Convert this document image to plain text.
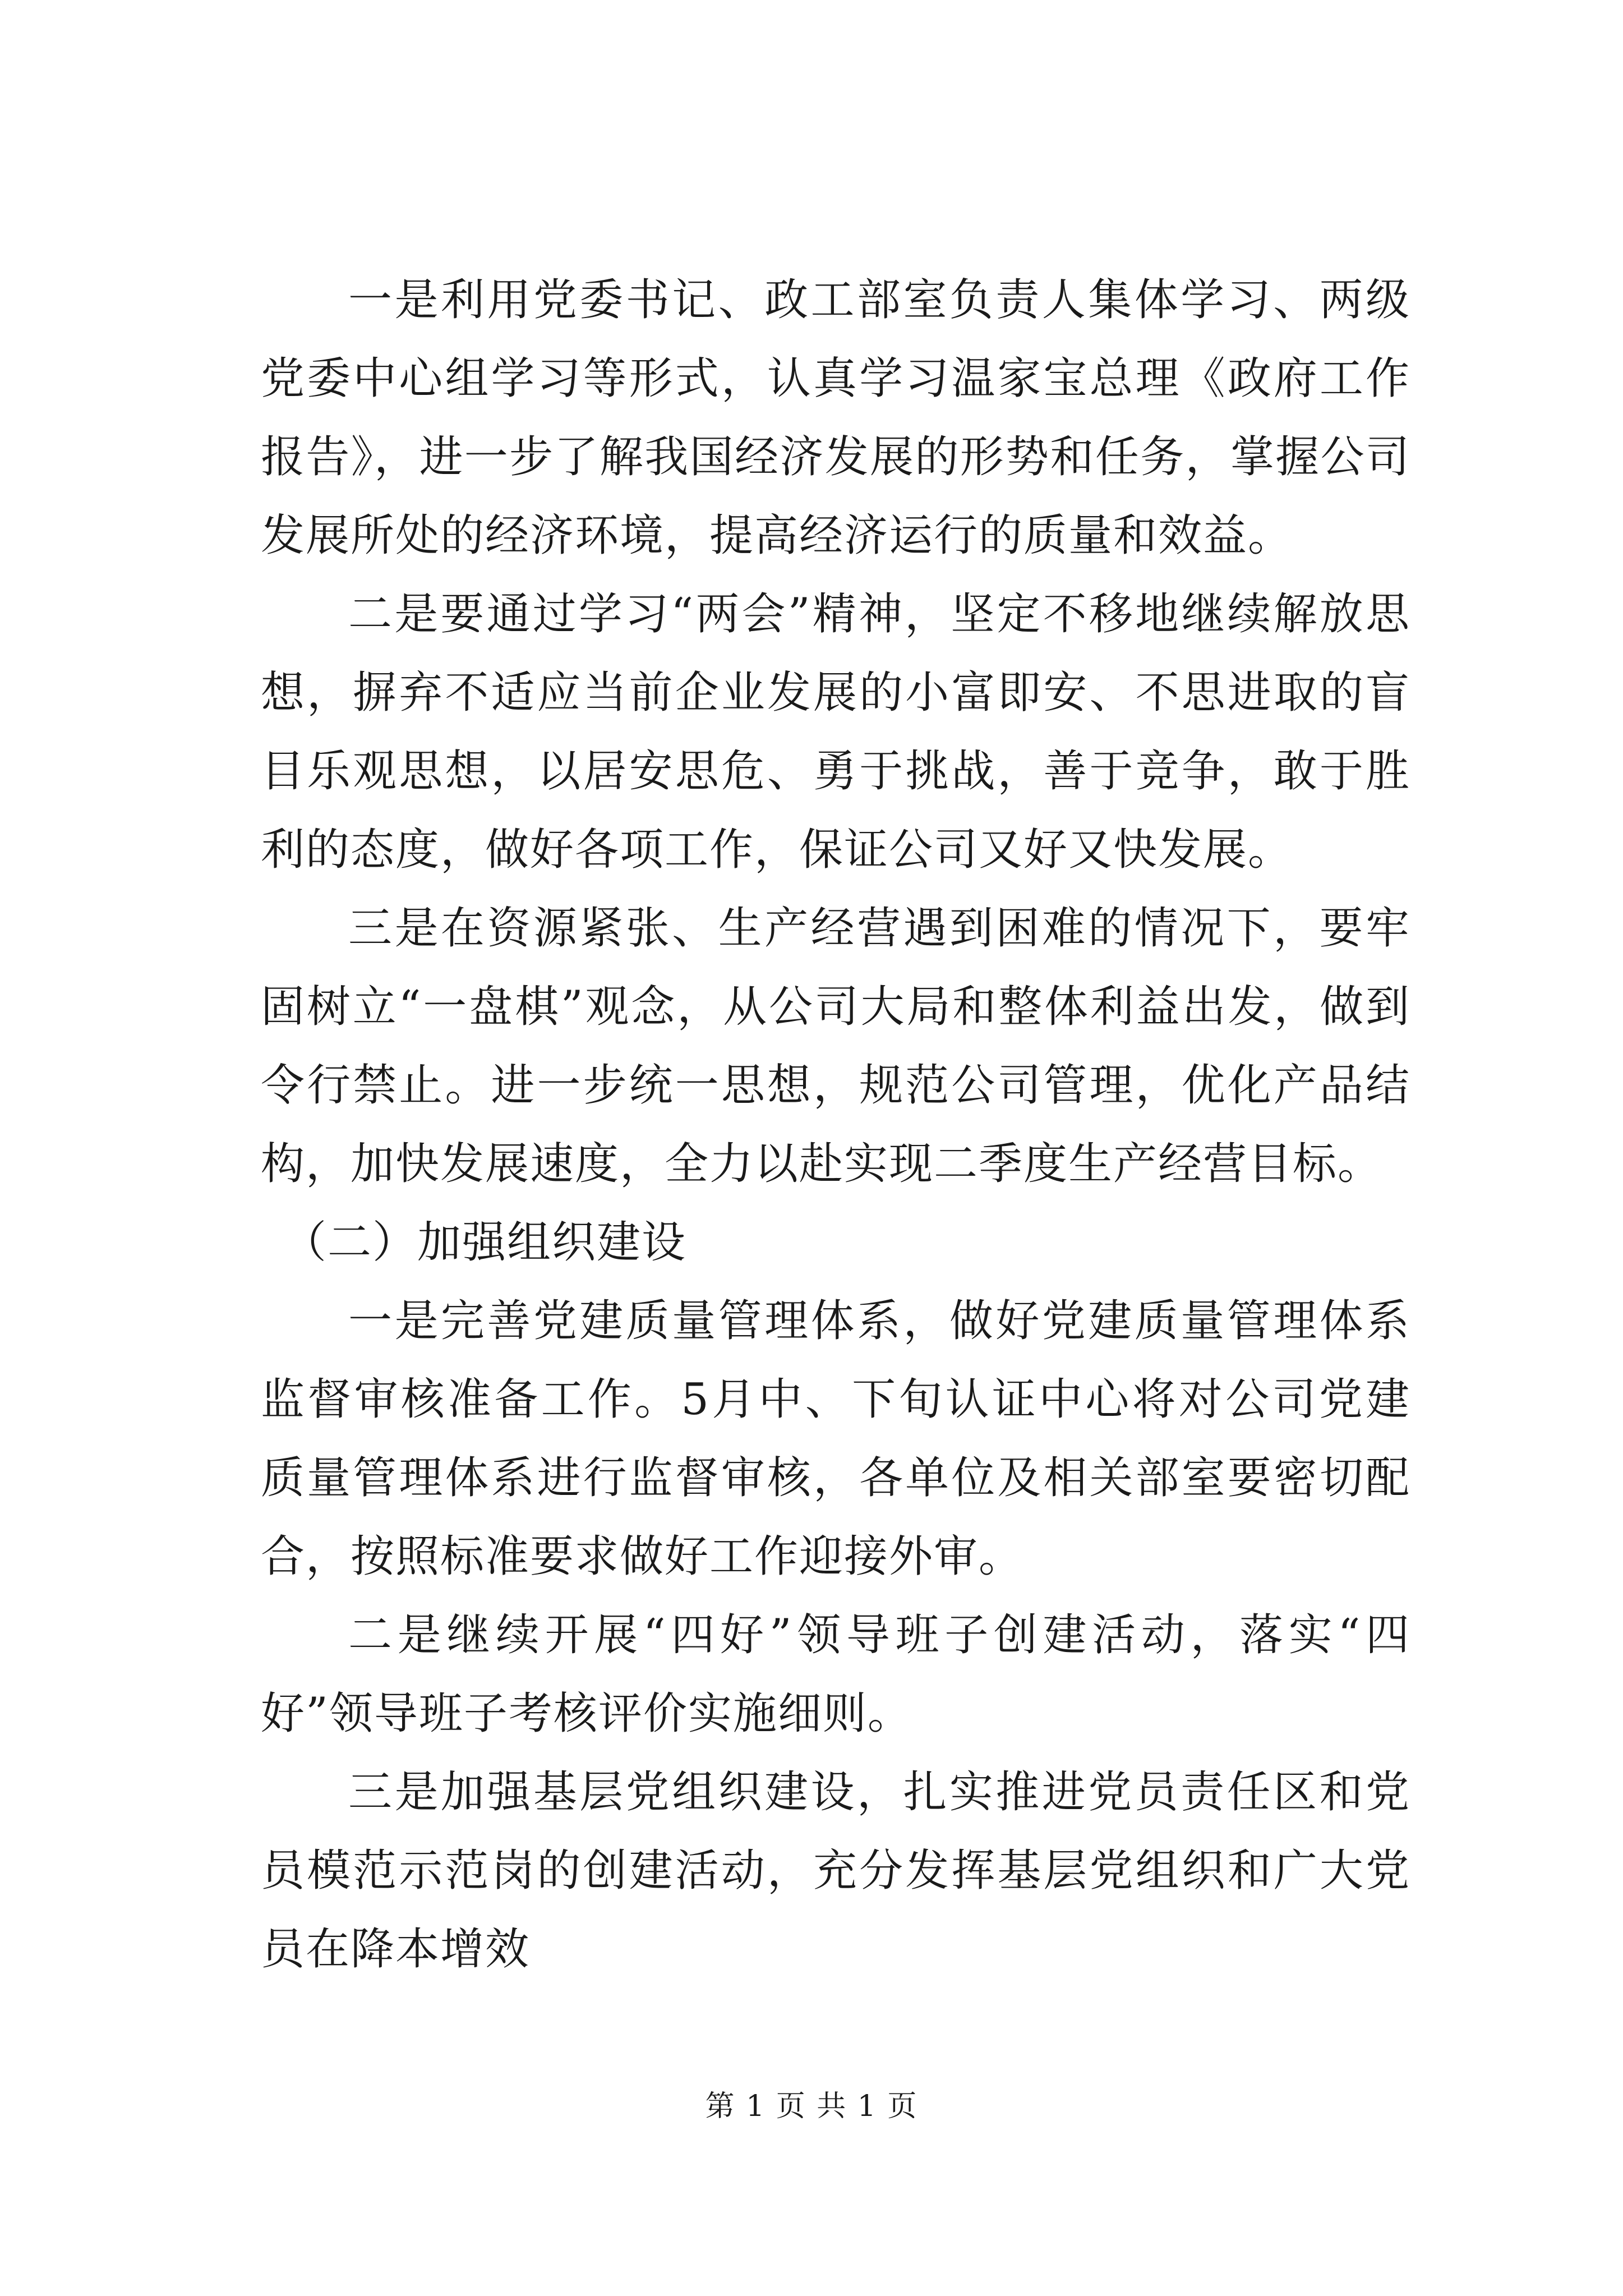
一是利用党委书记、政工部室负责人集体学习、两级党委中心组学习等形式，认真学习温家宝总理《政府工作报告》，进一步了解我国经济发展的形势和任务，掌握公司发展所处的经济环境，提高经济运行的质量和效益。

二是要通过学习“两会”精神，坚定不移地继续解放思想，摒弃不适应当前企业发展的小富即安、不思进取的盲目乐观思想，以居安思危、勇于挑战，善于竞争，敢于胜利的态度，做好各项工作，保证公司又好又快发展。

三是在资源紧张、生产经营遇到困难的情况下，要牢固树立“一盘棋”观念，从公司大局和整体利益出发，做到令行禁止。进一步统一思想，规范公司管理，优化产品结构，加快发展速度，全力以赴实现二季度生产经营目标。

（二）加强组织建设

一是完善党建质量管理体系，做好党建质量管理体系监督审核准备工作。5月中、下旬认证中心将对公司党建质量管理体系进行监督审核，各单位及相关部室要密切配合，按照标准要求做好工作迎接外审。

二是继续开展“四好”领导班子创建活动，落实“四好”领导班子考核评价实施细则。

三是加强基层党组织建设，扎实推进党员责任区和党员模范示范岗的创建活动，充分发挥基层党组织和广大党员在降本增效

第 1 页 共 1 页
